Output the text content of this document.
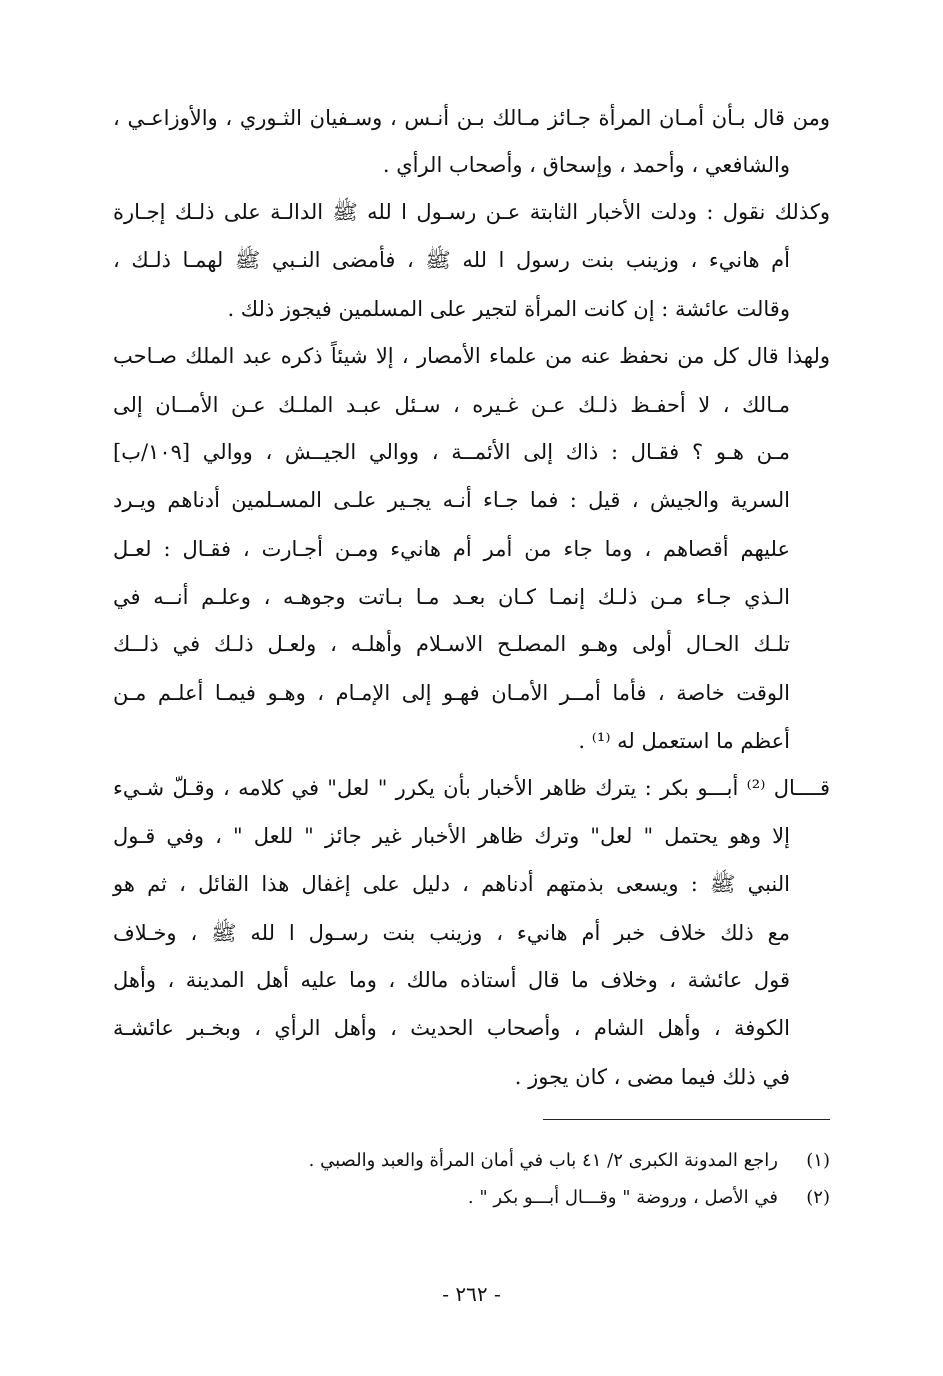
ومن قال بـأن أمـان المرأة جـائز مـالك بـن أنـس ، وسـفيان الثـوري ، والأوزاعـي ،
والشافعي ، وأحمد ، وإسحاق ، وأصحاب الرأي .
وكذلك نقول : ودلت الأخبار الثابتة عـن رسـول ا لله ﷺ الدالـة على ذلـك إجـارة
أم هانيء ، وزينب بنت رسول ا لله ﷺ ، فأمضى النـبي ﷺ لهمـا ذلـك ،
وقالت عائشة : إن كانت المرأة لتجير على المسلمين فيجوز ذلك .
ولهذا قال كل من نحفظ عنه من علماء الأمصار ، إلا شيئاً ذكره عبد الملك صـاحب
مـالك ، لا أحفـظ ذلـك عـن غـيره ، سـئل عبـد الملـك عـن الأمــان إلى
مـن هـو ؟ فقـال : ذاك إلى الأئمــة ، ووالي الجيــش ، ووالي [١٠٩/ب]
السرية والجيش ، قيل : فما جـاء أنـه يجـير علـى المسـلمين أدناهم ويـرد
عليهم أقصاهم ، وما جاء من أمر أم هانيء ومـن أجـارت ، فقـال : لعـل
الـذي جـاء مـن ذلـك إنمـا كـان بعـد مـا بـاتت وجوهـه ، وعلـم أنــه في
تلـك الحـال أولى وهـو المصلـح الاسـلام وأهلـه ، ولعـل ذلـك في ذلــك
الوقت خاصة ، فأما أمــر الأمـان فهـو إلى الإمـام ، وهـو فيمـا أعلـم مـن
أعظم ما استعمل له ⁽¹⁾ .
قــــال ⁽²⁾ أبـــو بكر : يترك ظاهر الأخبار بأن يكرر " لعل" في كلامه ، وقـلّ شـيء
إلا وهو يحتمل " لعل" وترك ظاهر الأخبار غير جائز " للعل " ، وفي قـول
النبي ﷺ : ويسعى بذمتهم أدناهم ، دليل على إغفال هذا القائل ، ثم هو
مع ذلك خلاف خبر أم هانيء ، وزينب بنت رسـول ا لله ﷺ ، وخـلاف
قول عائشة ، وخلاف ما قال أستاذه مالك ، وما عليه أهل المدينة ، وأهل
الكوفة ، وأهل الشام ، وأصحاب الحديث ، وأهل الرأي ، وبخـبر عائشـة
في ذلك فيما مضى ، كان يجوز .
(١)
راجع المدونة الكبرى ٢/ ٤١ باب في أمان المرأة والعبد والصبي .
(٢)
في الأصل ، وروضة " وقـــال أبـــو بكر " .
- ٢٦٢ -
